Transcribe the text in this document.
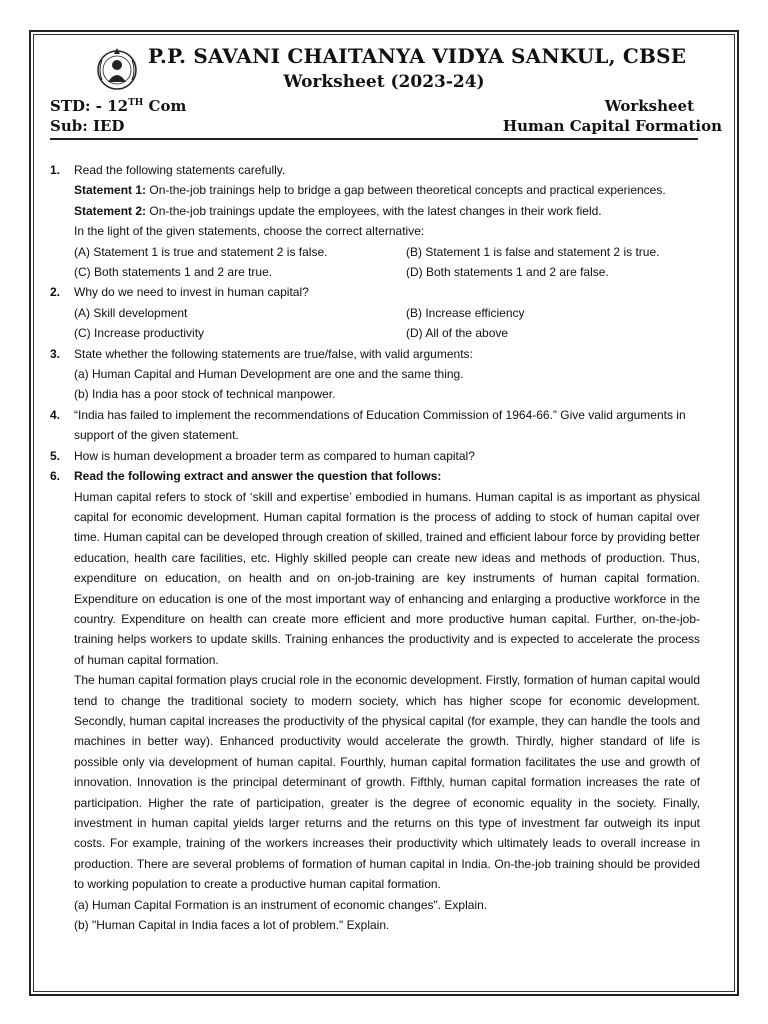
P.P. SAVANI CHAITANYA VIDYA SANKUL, CBSE
Worksheet (2023-24)
STD: - 12TH Com
Sub: IED
Worksheet
Human Capital Formation
1. Read the following statements carefully.
Statement 1: On-the-job trainings help to bridge a gap between theoretical concepts and practical experiences.
Statement 2: On-the-job trainings update the employees, with the latest changes in their work field.
In the light of the given statements, choose the correct alternative:
(A) Statement 1 is true and statement 2 is false.	(B) Statement 1 is false and statement 2 is true.
(C) Both statements 1 and 2 are true.	(D) Both statements 1 and 2 are false.
2. Why do we need to invest in human capital?
(A) Skill development	(B) Increase efficiency
(C) Increase productivity	(D) All of the above
3. State whether the following statements are true/false, with valid arguments:
(a) Human Capital and Human Development are one and the same thing.
(b) India has a poor stock of technical manpower.
4. “India has failed to implement the recommendations of Education Commission of 1964-66.” Give valid arguments in support of the given statement.
5. How is human development a broader term as compared to human capital?
6. Read the following extract and answer the question that follows:
Human capital refers to stock of ‘skill and expertise’ embodied in humans. Human capital is as important as physical capital for economic development. Human capital formation is the process of adding to stock of human capital over time. Human capital can be developed through creation of skilled, trained and efficient labour force by providing better education, health care facilities, etc. Highly skilled people can create new ideas and methods of production. Thus, expenditure on education, on health and on on-job-training are key instruments of human capital formation. Expenditure on education is one of the most important way of enhancing and enlarging a productive workforce in the country. Expenditure on health can create more efficient and more productive human capital. Further, on-the-job-training helps workers to update skills. Training enhances the productivity and is expected to accelerate the process of human capital formation.
The human capital formation plays crucial role in the economic development. Firstly, formation of human capital would tend to change the traditional society to modern society, which has higher scope for economic development. Secondly, human capital increases the productivity of the physical capital (for example, they can handle the tools and machines in better way). Enhanced productivity would accelerate the growth. Thirdly, higher standard of life is possible only via development of human capital. Fourthly, human capital formation facilitates the use and growth of innovation. Innovation is the principal determinant of growth. Fifthly, human capital formation increases the rate of participation. Higher the rate of participation, greater is the degree of economic equality in the society. Finally, investment in human capital yields larger returns and the returns on this type of investment far outweigh its input costs. For example, training of the workers increases their productivity which ultimately leads to overall increase in production. There are several problems of formation of human capital in India. On-the-job training should be provided to working population to create a productive human capital formation.
(a) Human Capital Formation is an instrument of economic changes". Explain.
(b) "Human Capital in India faces a lot of problem." Explain.
